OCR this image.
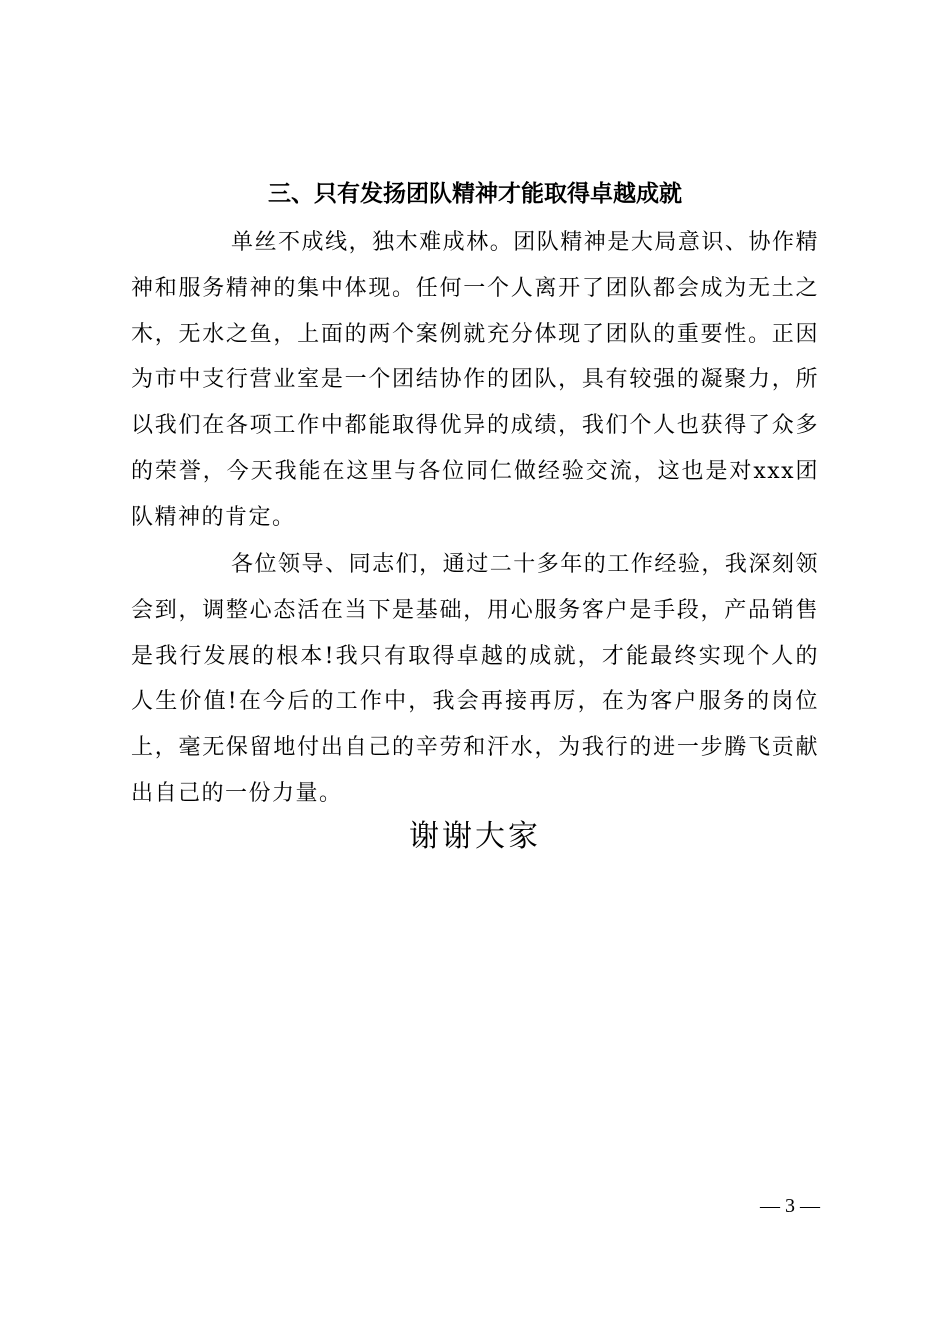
三、只有发扬团队精神才能取得卓越成就

单丝不成线，独木难成林。团队精神是大局意识、协作精神和服务精神的集中体现。任何一个人离开了团队都会成为无土之木，无水之鱼，上面的两个案例就充分体现了团队的重要性。正因为市中支行营业室是一个团结协作的团队，具有较强的凝聚力，所以我们在各项工作中都能取得优异的成绩，我们个人也获得了众多的荣誉，今天我能在这里与各位同仁做经验交流，这也是对xxx团队精神的肯定。

各位领导、同志们，通过二十多年的工作经验，我深刻领会到，调整心态活在当下是基础，用心服务客户是手段，产品销售是我行发展的根本!我只有取得卓越的成就，才能最终实现个人的人生价值!在今后的工作中，我会再接再厉，在为客户服务的岗位上，毫无保留地付出自己的辛劳和汗水，为我行的进一步腾飞贡献出自己的一份力量。

谢谢大家

— 3 —
